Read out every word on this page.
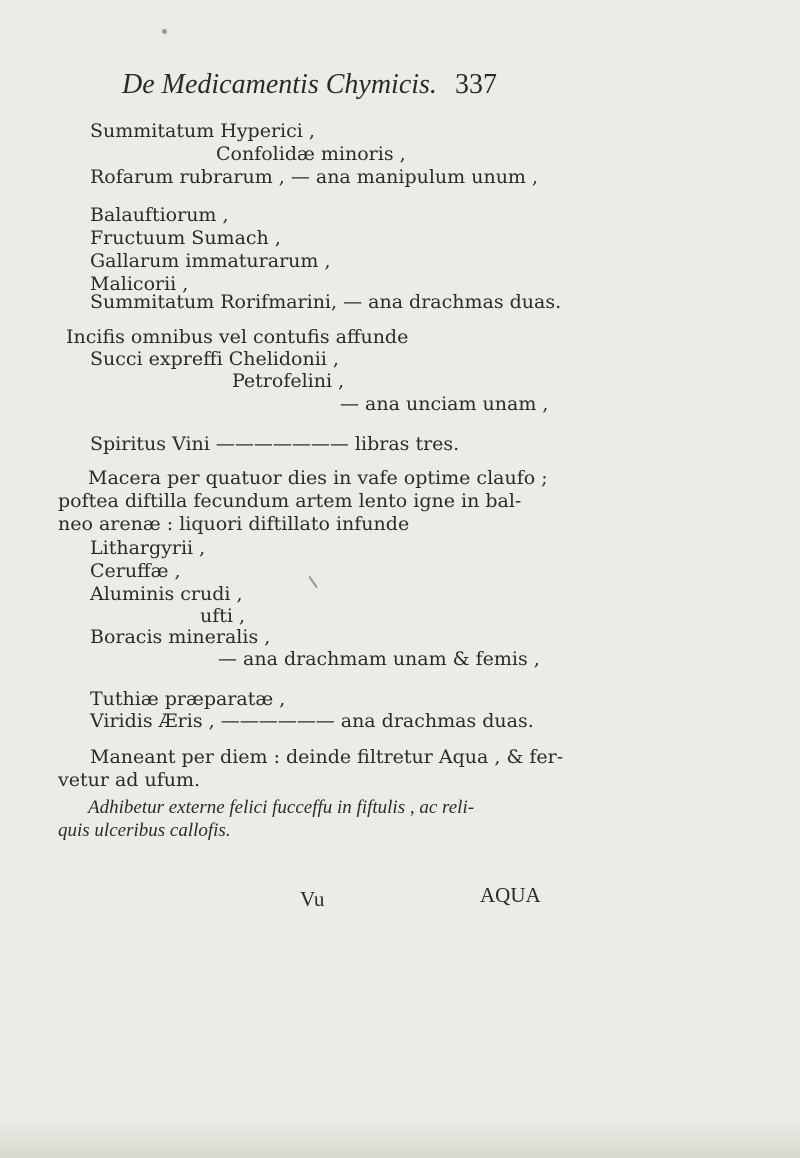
De Medicamentis Chymicis. 337
Summitatum Hyperici ,
Confolidæ minoris ,
Rofarum rubrarum , — ana manipulum unum ,
Balauftiorum ,
Fructuum Sumach ,
Gallarum immaturarum ,
Malicorii ,
Summitatum Rorifmarini, — ana drachmas duas.
Incifis omnibus vel contufis affunde
Succi expreffi Chelidonii ,
Petrofelini ,
— ana unciam unam ,
Spiritus Vini ——————— libras tres.
Macera per quatuor dies in vafe optime claufo ;
poftea diftilla fecundum artem lento igne in bal-
neo arenæ : liquori diftillato infunde
Lithargyrii ,
Ceruffæ ,
Aluminis crudi ,
ufti ,
Boracis mineralis ,
— ana drachmam unam & femis ,
Tuthiæ præparatæ ,
Viridis Æris , —————— ana drachmas duas.
Maneant per diem : deinde filtretur Aqua , & fer-
vetur ad ufum.
Adhibetur externe felici fucceffu in fiftulis , ac reli-
quis ulceribus callofis.
Vu	AQUA
